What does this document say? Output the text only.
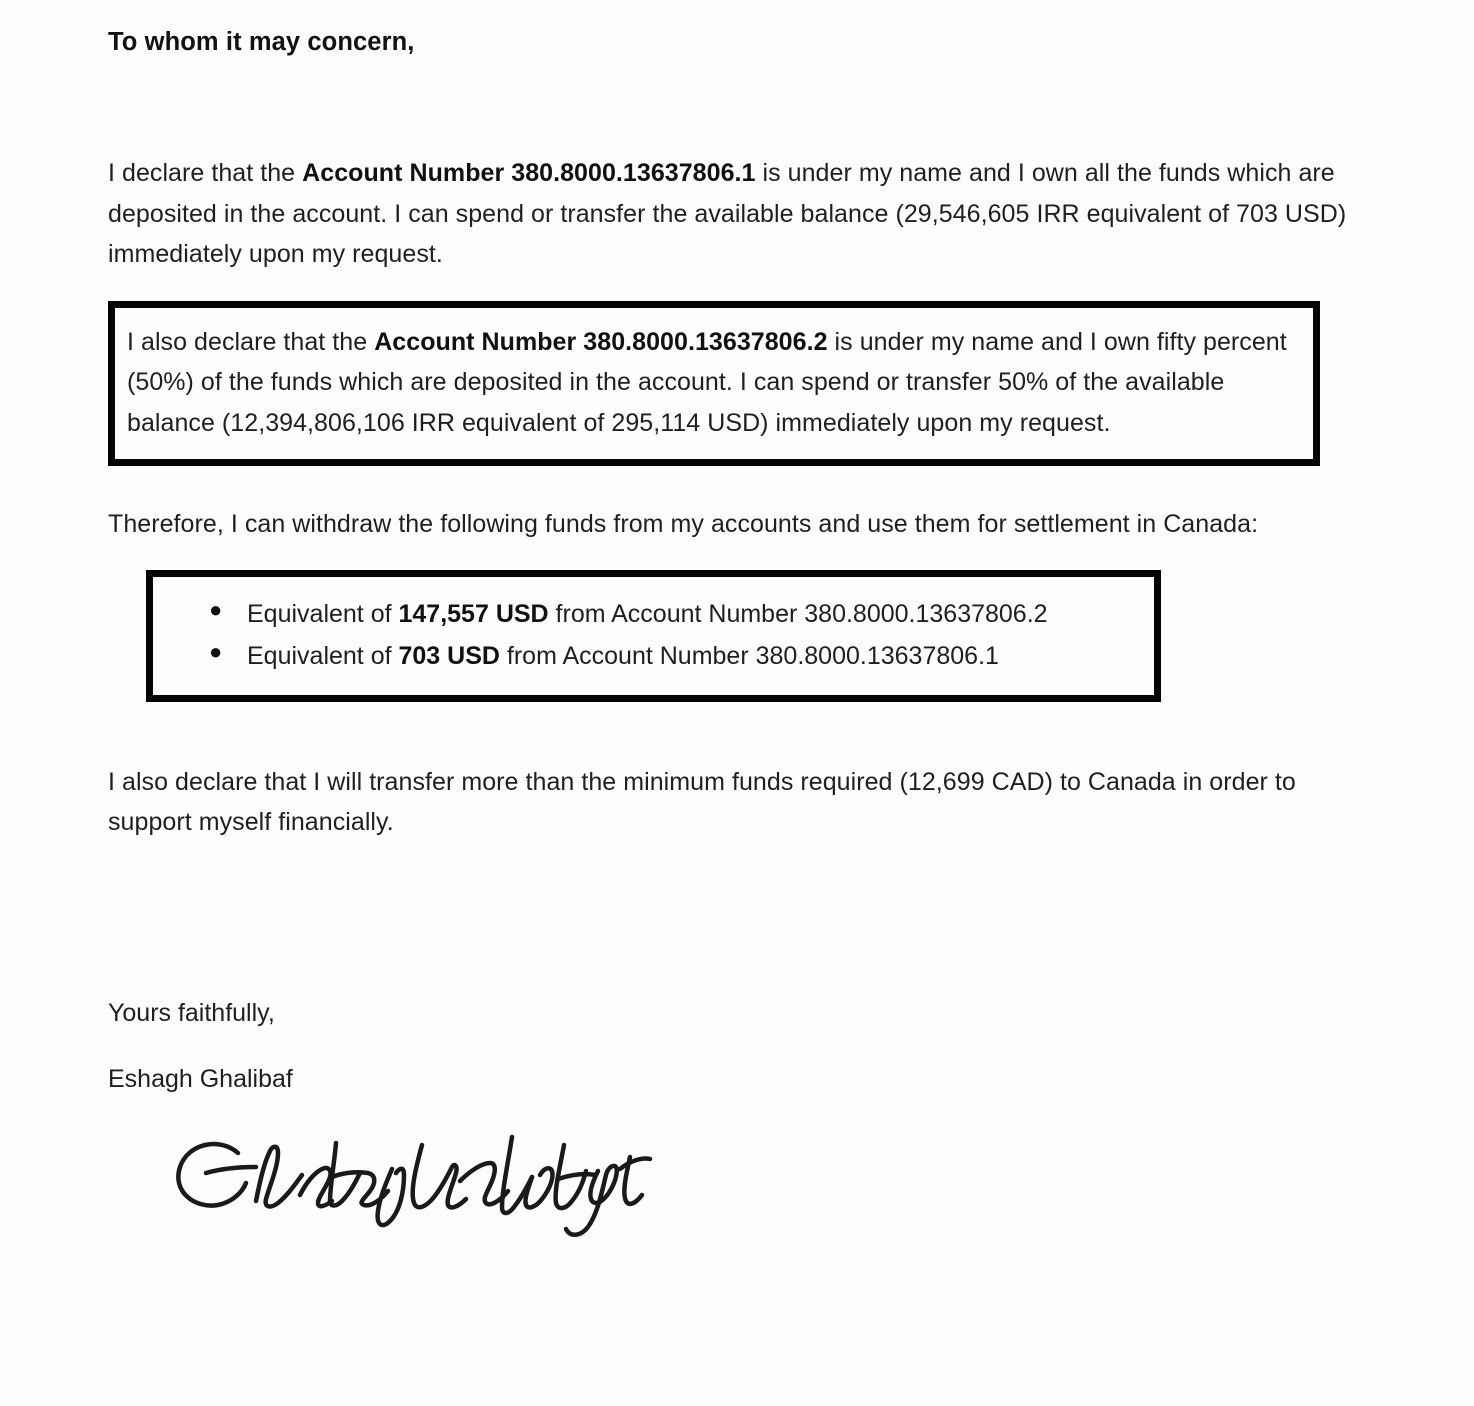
To whom it may concern,

I declare that the Account Number 380.8000.13637806.1 is under my name and I own all the funds which are deposited in the account. I can spend or transfer the available balance (29,546,605 IRR equivalent of 703 USD) immediately upon my request.

I also declare that the Account Number 380.8000.13637806.2 is under my name and I own fifty percent (50%) of the funds which are deposited in the account. I can spend or transfer 50% of the available balance (12,394,806,106 IRR equivalent of 295,114 USD) immediately upon my request.

Therefore, I can withdraw the following funds from my accounts and use them for settlement in Canada:

● Equivalent of 147,557 USD from Account Number 380.8000.13637806.2
● Equivalent of 703 USD from Account Number 380.8000.13637806.1

I also declare that I will transfer more than the minimum funds required (12,699 CAD) to Canada in order to support myself financially.

Yours faithfully,
Eshagh Ghalibaf
